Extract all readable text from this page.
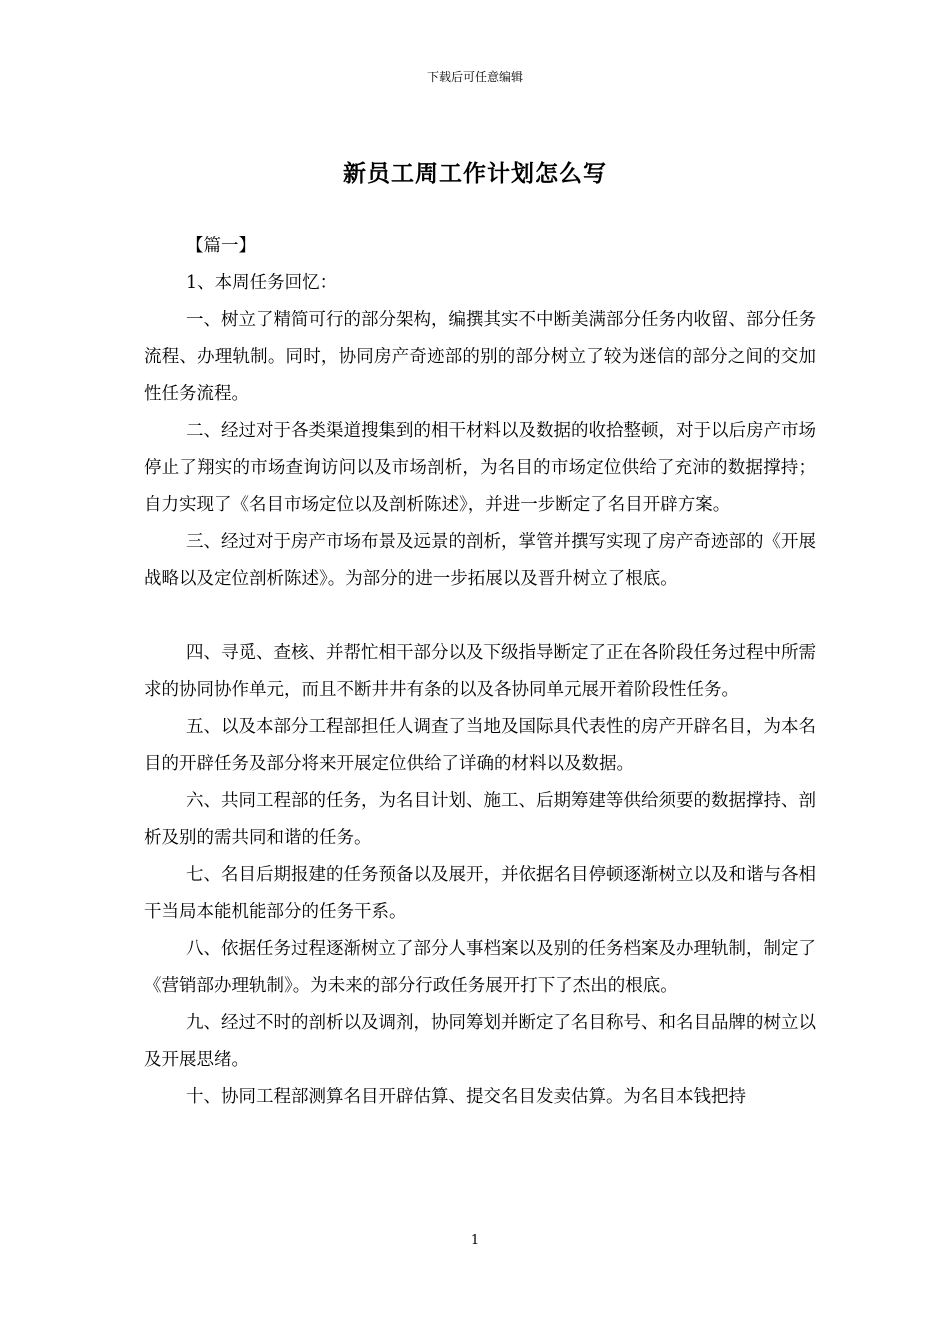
下载后可任意编辑
新员工周工作计划怎么写
【篇一】
1、本周任务回忆：

一、树立了精简可行的部分架构，编撰其实不中断美满部分任务内收留、部分任务流程、办理轨制。同时，协同房产奇迹部的别的部分树立了较为迷信的部分之间的交加性任务流程。

二、经过对于各类渠道搜集到的相干材料以及数据的收拾整顿，对于以后房产市场停止了翔实的市场查询访问以及市场剖析，为名目的市场定位供给了充沛的数据撑持；自力实现了《名目市场定位以及剖析陈述》，并进一步断定了名目开辟方案。

三、经过对于房产市场布景及远景的剖析，掌管并撰写实现了房产奇迹部的《开展战略以及定位剖析陈述》。为部分的进一步拓展以及晋升树立了根底。

四、寻觅、查核、并帮忙相干部分以及下级指导断定了正在各阶段任务过程中所需求的协同协作单元，而且不断井井有条的以及各协同单元展开着阶段性任务。

五、以及本部分工程部担任人调查了当地及国际具代表性的房产开辟名目，为本名目的开辟任务及部分将来开展定位供给了详确的材料以及数据。

六、共同工程部的任务，为名目计划、施工、后期筹建等供给须要的数据撑持、剖析及别的需共同和谐的任务。

七、名目后期报建的任务预备以及展开，并依据名目停顿逐渐树立以及和谐与各相干当局本能机能部分的任务干系。

八、依据任务过程逐渐树立了部分人事档案以及别的任务档案及办理轨制，制定了《营销部办理轨制》。为未来的部分行政任务展开打下了杰出的根底。

九、经过不时的剖析以及调剂，协同筹划并断定了名目称号、和名目品牌的树立以及开展思绪。

十、协同工程部测算名目开辟估算、提交名目发卖估算。为名目本钱把持

1
